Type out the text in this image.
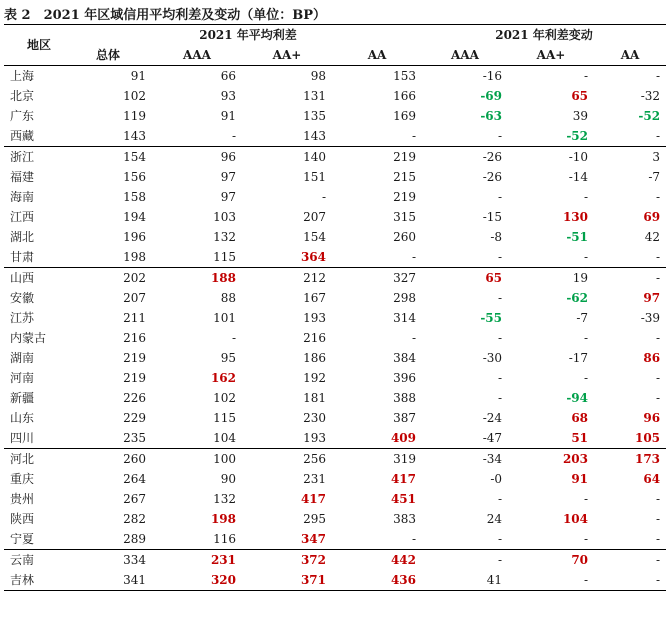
表 2　2021 年区域信用平均利差及变动（单位：BP）
地区	2021 年平均利差				2021 年利差变动		
	总体	AAA	AA+	AA	AAA	AA+	AA
上海	91	66	98	153	-16	-	-
北京	102	93	131	166	-69	65	-32
广东	119	91	135	169	-63	39	-52
西藏	143	-	143	-	-	-52	-
浙江	154	96	140	219	-26	-10	3
福建	156	97	151	215	-26	-14	-7
海南	158	97	-	219	-	-	-
江西	194	103	207	315	-15	130	69
湖北	196	132	154	260	-8	-51	42
甘肃	198	115	364	-	-	-	-
山西	202	188	212	327	65	19	-
安徽	207	88	167	298	-	-62	97
江苏	211	101	193	314	-55	-7	-39
内蒙古	216	-	216	-	-	-	-
湖南	219	95	186	384	-30	-17	86
河南	219	162	192	396	-	-	-
新疆	226	102	181	388	-	-94	-
山东	229	115	230	387	-24	68	96
四川	235	104	193	409	-47	51	105
河北	260	100	256	319	-34	203	173
重庆	264	90	231	417	-0	91	64
贵州	267	132	417	451	-	-	-
陕西	282	198	295	383	24	104	-
宁夏	289	116	347	-	-	-	-
云南	334	231	372	442	-	70	-
吉林	341	320	371	436	41	-	-
